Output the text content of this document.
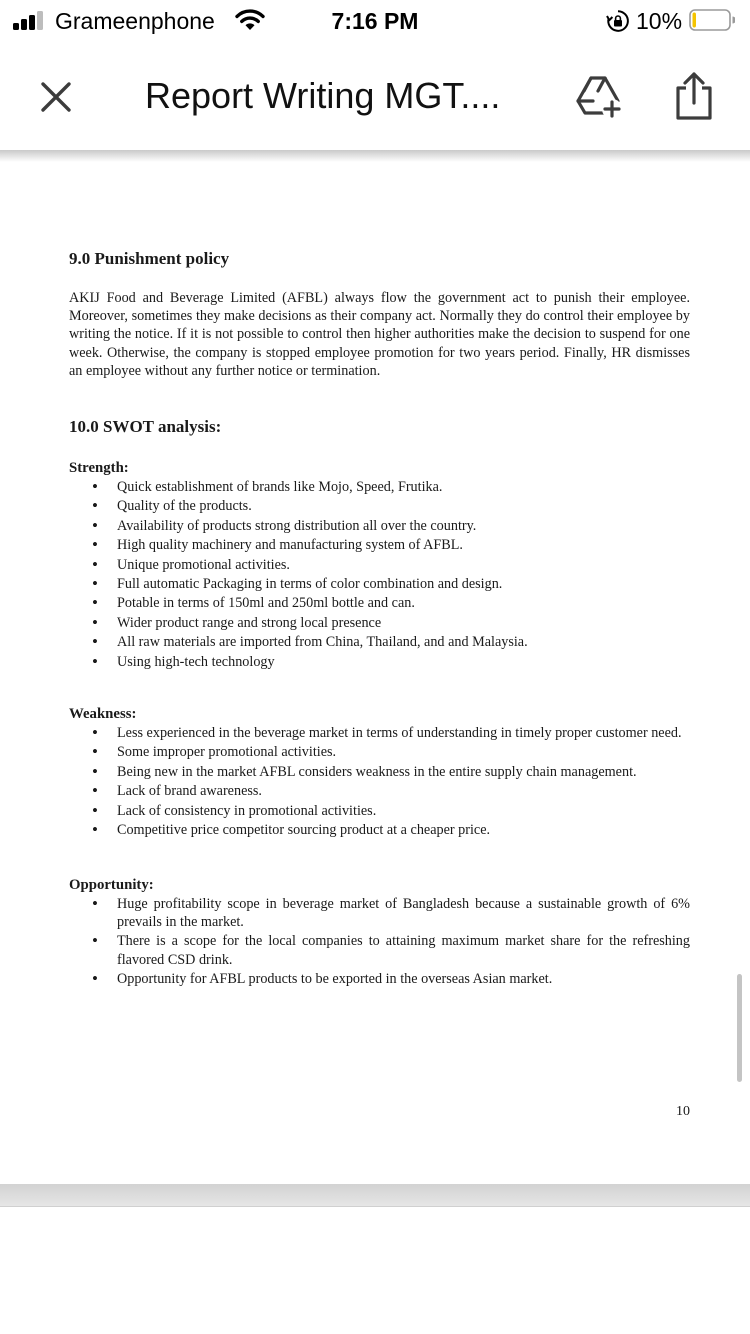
Grameenphone	7:16 PM	10%
Report Writing MGT....
9.0 Punishment policy

AKIJ Food and Beverage Limited (AFBL) always flow the government act to punish their employee. Moreover, sometimes they make decisions as their company act. Normally they do control their employee by writing the notice. If it is not possible to control then higher authorities make the decision to suspend for one week. Otherwise, the company is stopped employee promotion for two years period. Finally, HR dismisses an employee without any further notice or termination.

10.0 SWOT analysis:
Strength:
• Quick establishment of brands like Mojo, Speed, Frutika.
• Quality of the products.
• Availability of products strong distribution all over the country.
• High quality machinery and manufacturing system of AFBL.
• Unique promotional activities.
• Full automatic Packaging in terms of color combination and design.
• Potable in terms of 150ml and 250ml bottle and can.
• Wider product range and strong local presence
• All raw materials are imported from China, Thailand, and and Malaysia.
• Using high-tech technology
Weakness:
• Less experienced in the beverage market in terms of understanding in timely proper customer need.
• Some improper promotional activities.
• Being new in the market AFBL considers weakness in the entire supply chain management.
• Lack of brand awareness.
• Lack of consistency in promotional activities.
• Competitive price competitor sourcing product at a cheaper price.
Opportunity:
• Huge profitability scope in beverage market of Bangladesh because a sustainable growth of 6% prevails in the market.
• There is a scope for the local companies to attaining maximum market share for the refreshing flavored CSD drink.
• Opportunity for AFBL products to be exported in the overseas Asian market.
10
